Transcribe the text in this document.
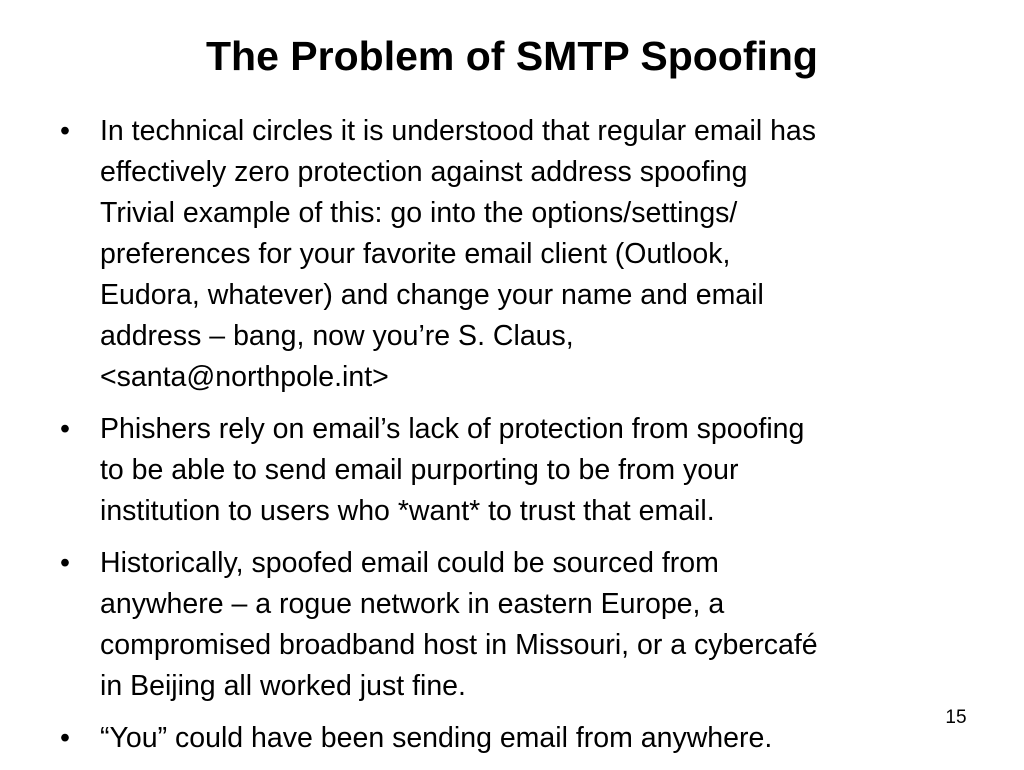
The Problem of SMTP Spoofing
•	In technical circles it is understood that regular email has
effectively zero protection against address spoofing
Trivial example of this: go into the options/settings/
preferences for your favorite email client (Outlook,
Eudora, whatever) and change your name and email
address – bang, now you’re S. Claus,
<santa@northpole.int>
•	Phishers rely on email’s lack of protection from spoofing
to be able to send email purporting to be from your
institution to users who *want* to trust that email.
•	Historically, spoofed email could be sourced from
anywhere – a rogue network in eastern Europe, a
compromised broadband host in Missouri, or a cybercafé
in Beijing all worked just fine.
•	“You” could have been sending email from anywhere.
15
